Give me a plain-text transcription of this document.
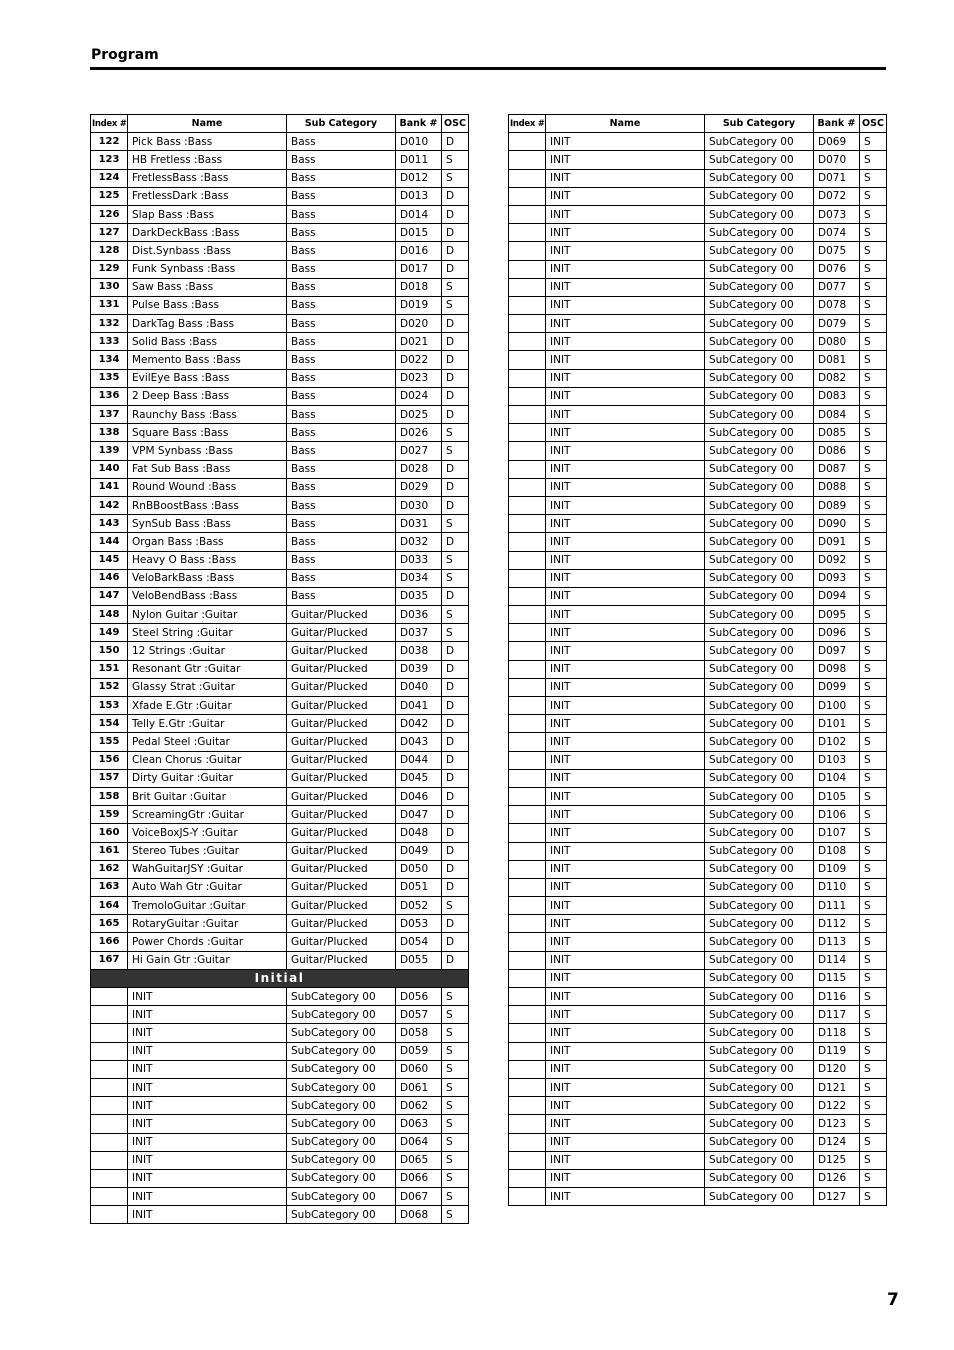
Program
Index #	Name	Sub Category	Bank #	OSC
122	Pick Bass :Bass	Bass	D010	D
123	HB Fretless :Bass	Bass	D011	S
124	FretlessBass :Bass	Bass	D012	S
125	FretlessDark :Bass	Bass	D013	D
126	Slap Bass :Bass	Bass	D014	D
127	DarkDeckBass :Bass	Bass	D015	D
128	Dist.Synbass :Bass	Bass	D016	D
129	Funk Synbass :Bass	Bass	D017	D
130	Saw Bass :Bass	Bass	D018	S
131	Pulse Bass :Bass	Bass	D019	S
132	DarkTag Bass :Bass	Bass	D020	D
133	Solid Bass :Bass	Bass	D021	D
134	Memento Bass :Bass	Bass	D022	D
135	EvilEye Bass :Bass	Bass	D023	D
136	2 Deep Bass :Bass	Bass	D024	D
137	Raunchy Bass :Bass	Bass	D025	D
138	Square Bass :Bass	Bass	D026	S
139	VPM Synbass :Bass	Bass	D027	S
140	Fat Sub Bass :Bass	Bass	D028	D
141	Round Wound :Bass	Bass	D029	D
142	RnBBoostBass :Bass	Bass	D030	D
143	SynSub Bass :Bass	Bass	D031	S
144	Organ Bass :Bass	Bass	D032	D
145	Heavy O Bass :Bass	Bass	D033	S
146	VeloBarkBass :Bass	Bass	D034	S
147	VeloBendBass :Bass	Bass	D035	D
148	Nylon Guitar :Guitar	Guitar/Plucked	D036	S
149	Steel String :Guitar	Guitar/Plucked	D037	S
150	12 Strings :Guitar	Guitar/Plucked	D038	D
151	Resonant Gtr :Guitar	Guitar/Plucked	D039	D
152	Glassy Strat :Guitar	Guitar/Plucked	D040	D
153	Xfade E.Gtr :Guitar	Guitar/Plucked	D041	D
154	Telly E.Gtr :Guitar	Guitar/Plucked	D042	D
155	Pedal Steel :Guitar	Guitar/Plucked	D043	D
156	Clean Chorus :Guitar	Guitar/Plucked	D044	D
157	Dirty Guitar :Guitar	Guitar/Plucked	D045	D
158	Brit Guitar :Guitar	Guitar/Plucked	D046	D
159	ScreamingGtr :Guitar	Guitar/Plucked	D047	D
160	VoiceBoxJS-Y :Guitar	Guitar/Plucked	D048	D
161	Stereo Tubes :Guitar	Guitar/Plucked	D049	D
162	WahGuitarJSY :Guitar	Guitar/Plucked	D050	D
163	Auto Wah Gtr :Guitar	Guitar/Plucked	D051	D
164	TremoloGuitar :Guitar	Guitar/Plucked	D052	S
165	RotaryGuitar :Guitar	Guitar/Plucked	D053	D
166	Power Chords :Guitar	Guitar/Plucked	D054	D
167	Hi Gain Gtr :Guitar	Guitar/Plucked	D055	D
Initial				
	INIT	SubCategory 00	D056	S
	INIT	SubCategory 00	D057	S
	INIT	SubCategory 00	D058	S
	INIT	SubCategory 00	D059	S
	INIT	SubCategory 00	D060	S
	INIT	SubCategory 00	D061	S
	INIT	SubCategory 00	D062	S
	INIT	SubCategory 00	D063	S
	INIT	SubCategory 00	D064	S
	INIT	SubCategory 00	D065	S
	INIT	SubCategory 00	D066	S
	INIT	SubCategory 00	D067	S
	INIT	SubCategory 00	D068	S
Index #	Name	Sub Category	Bank #	OSC
	INIT	SubCategory 00	D069	S
	INIT	SubCategory 00	D070	S
	INIT	SubCategory 00	D071	S
	INIT	SubCategory 00	D072	S
	INIT	SubCategory 00	D073	S
	INIT	SubCategory 00	D074	S
	INIT	SubCategory 00	D075	S
	INIT	SubCategory 00	D076	S
	INIT	SubCategory 00	D077	S
	INIT	SubCategory 00	D078	S
	INIT	SubCategory 00	D079	S
	INIT	SubCategory 00	D080	S
	INIT	SubCategory 00	D081	S
	INIT	SubCategory 00	D082	S
	INIT	SubCategory 00	D083	S
	INIT	SubCategory 00	D084	S
	INIT	SubCategory 00	D085	S
	INIT	SubCategory 00	D086	S
	INIT	SubCategory 00	D087	S
	INIT	SubCategory 00	D088	S
	INIT	SubCategory 00	D089	S
	INIT	SubCategory 00	D090	S
	INIT	SubCategory 00	D091	S
	INIT	SubCategory 00	D092	S
	INIT	SubCategory 00	D093	S
	INIT	SubCategory 00	D094	S
	INIT	SubCategory 00	D095	S
	INIT	SubCategory 00	D096	S
	INIT	SubCategory 00	D097	S
	INIT	SubCategory 00	D098	S
	INIT	SubCategory 00	D099	S
	INIT	SubCategory 00	D100	S
	INIT	SubCategory 00	D101	S
	INIT	SubCategory 00	D102	S
	INIT	SubCategory 00	D103	S
	INIT	SubCategory 00	D104	S
	INIT	SubCategory 00	D105	S
	INIT	SubCategory 00	D106	S
	INIT	SubCategory 00	D107	S
	INIT	SubCategory 00	D108	S
	INIT	SubCategory 00	D109	S
	INIT	SubCategory 00	D110	S
	INIT	SubCategory 00	D111	S
	INIT	SubCategory 00	D112	S
	INIT	SubCategory 00	D113	S
	INIT	SubCategory 00	D114	S
	INIT	SubCategory 00	D115	S
	INIT	SubCategory 00	D116	S
	INIT	SubCategory 00	D117	S
	INIT	SubCategory 00	D118	S
	INIT	SubCategory 00	D119	S
	INIT	SubCategory 00	D120	S
	INIT	SubCategory 00	D121	S
	INIT	SubCategory 00	D122	S
	INIT	SubCategory 00	D123	S
	INIT	SubCategory 00	D124	S
	INIT	SubCategory 00	D125	S
	INIT	SubCategory 00	D126	S
	INIT	SubCategory 00	D127	S
7
